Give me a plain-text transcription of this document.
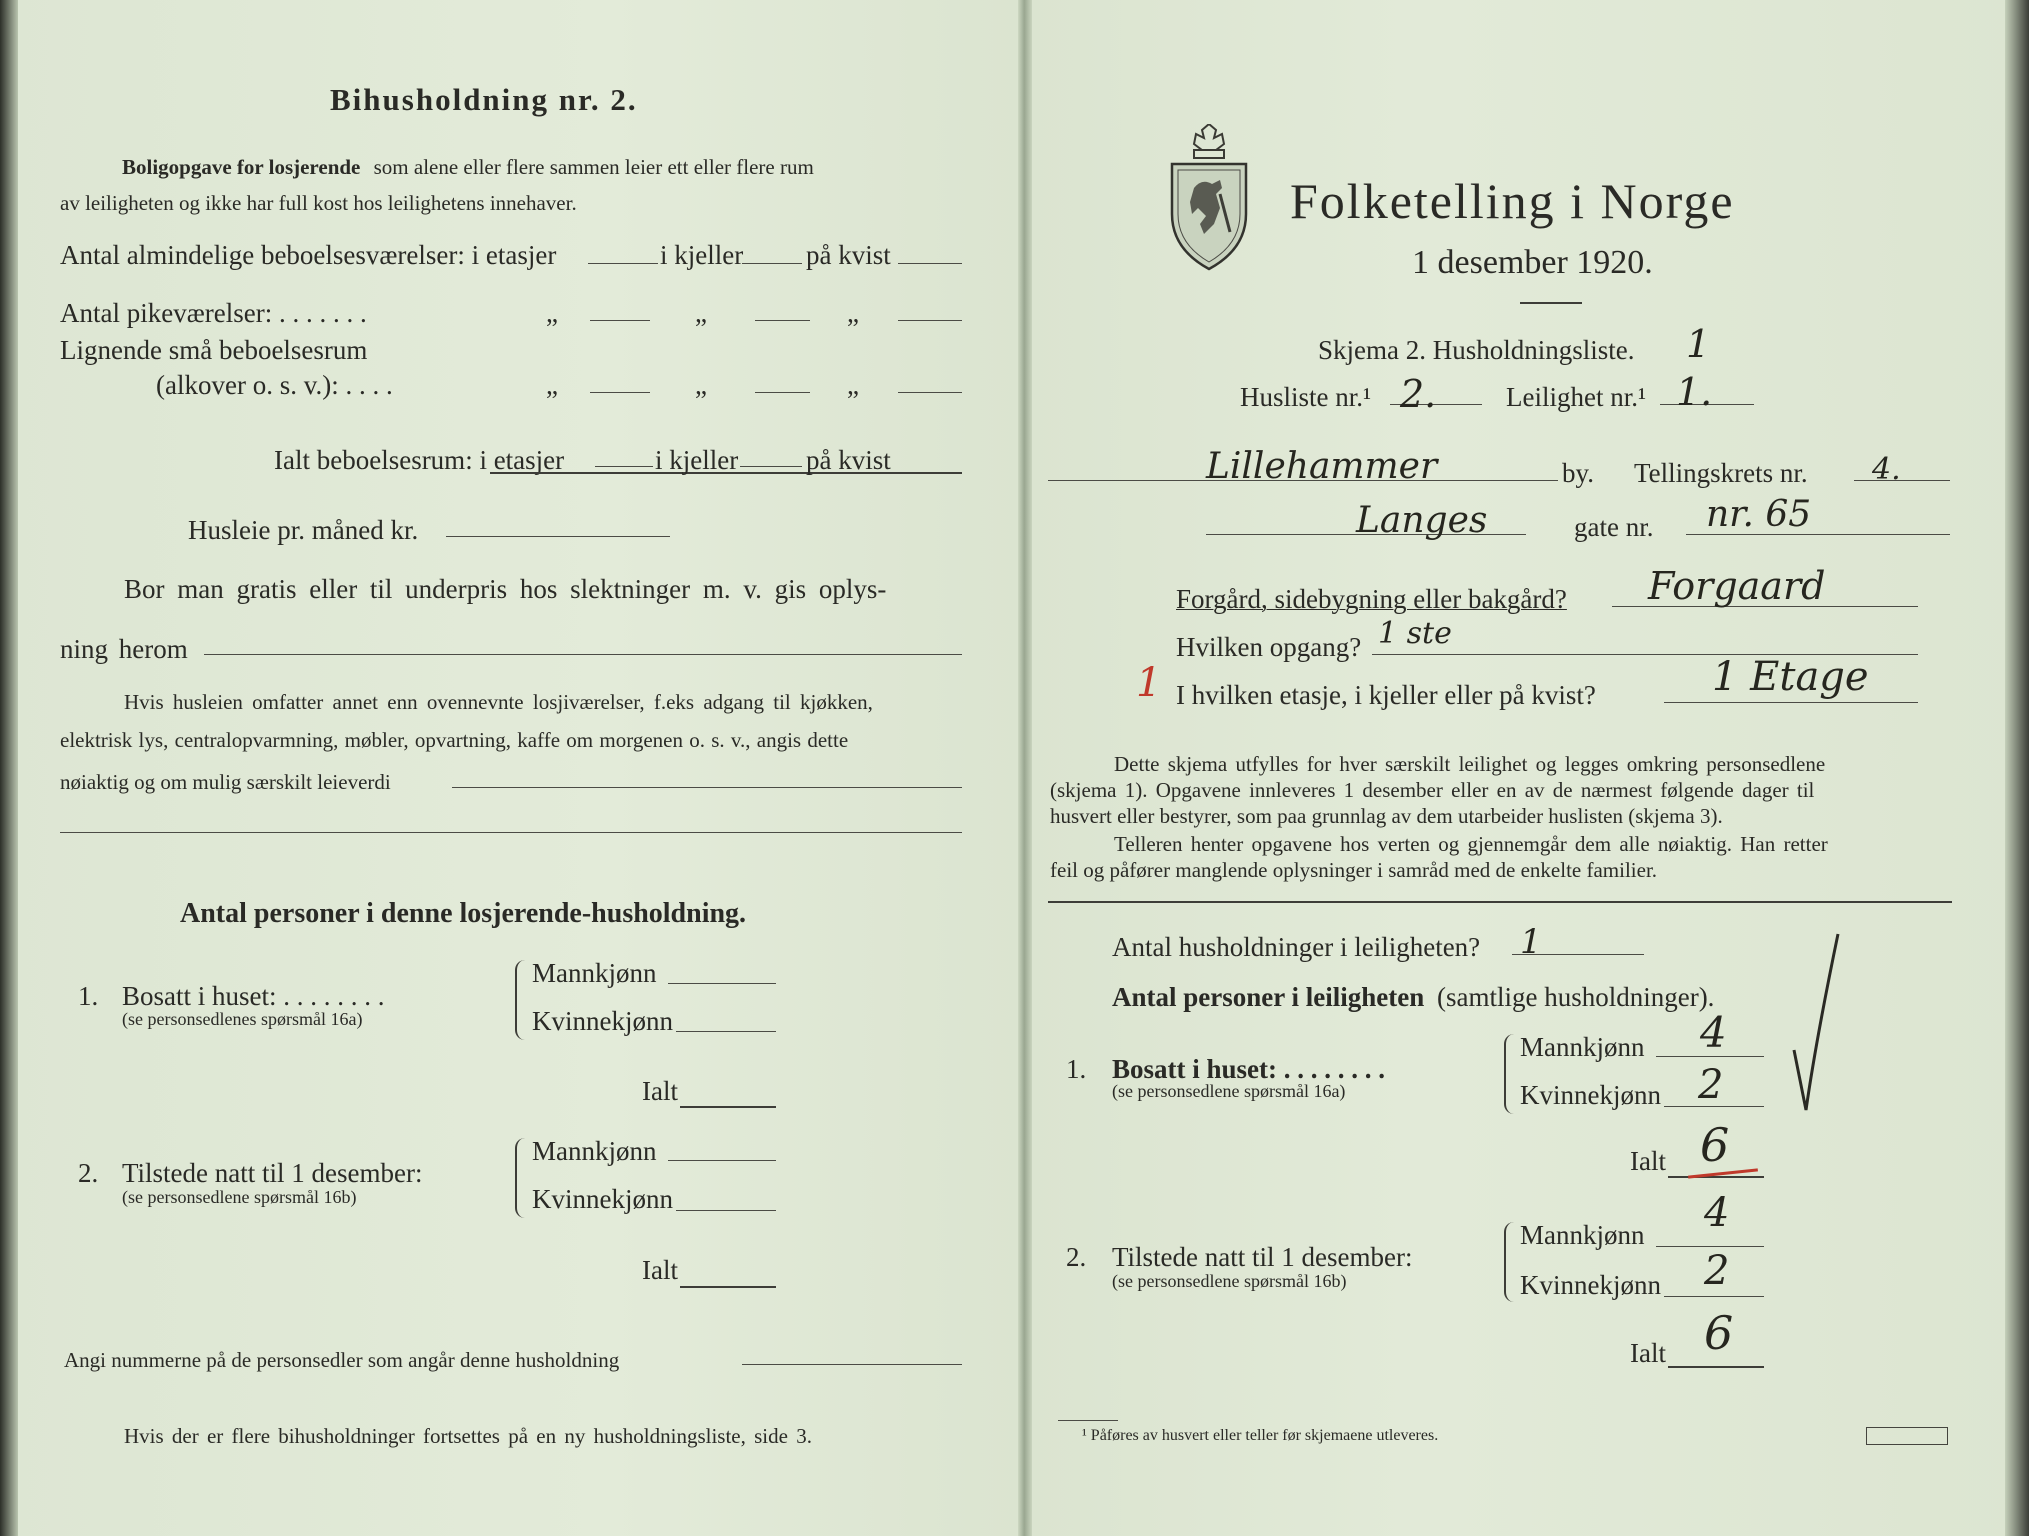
Bihusholdning nr. 2.
Boligopgave for losjerende som alene eller flere sammen leier ett eller flere rum
av leiligheten og ikke har full kost hos leilighetens innehaver.
Antal almindelige beboelsesværelser: i etasjer	i kjeller på kvist
Antal pikeværelser: . . . . . . .	„	„	„
Lignende små beboelsesrum
(alkover o. s. v.): . . . .	„	„	„
Ialt beboelsesrum: i etasjer	i kjeller	på kvist
Husleie pr. måned kr.
Bor man gratis eller til underpris hos slektninger m. v. gis oplys-
ning herom
Hvis husleien omfatter annet enn ovennevnte losjiværelser, f.eks adgang til kjøkken,
elektrisk lys, centralopvarmning, møbler, opvartning, kaffe om morgenen o. s. v., angis dette
nøiaktig og om mulig særskilt leieverdi
Antal personer i denne losjerende-husholdning.
1. Bosatt i huset: . . . . . . . .
(se personsedlenes spørsmål 16a)
Mannkjønn
Kvinnekjønn
Ialt
2. Tilstede natt til 1 desember:
(se personsedlene spørsmål 16b)
Mannkjønn
Kvinnekjønn
Ialt
Angi nummerne på de personsedler som angår denne husholdning
Hvis der er flere bihusholdninger fortsettes på en ny husholdningsliste, side 3.
Folketelling i Norge
1 desember 1920.
Skjema 2. Husholdningsliste. 1
Husliste nr.¹ 2.	Leilighet nr.¹ 1.
Lillehammer	by. Tellingskrets nr. 4.
Langes	gate nr. nr. 65
Forgård, sidebygning eller bakgård? Forgaard
Hvilken opgang? 1 ste
1 I hvilken etasje, i kjeller eller på kvist?	1 Etage
Dette skjema utfylles for hver særskilt leilighet og legges omkring personsedlene
(skjema 1). Opgavene innleveres 1 desember eller en av de nærmest følgende dager til
husvert eller bestyrer, som paa grunnlag av dem utarbeider huslisten (skjema 3).
Telleren henter opgavene hos verten og gjennemgår dem alle nøiaktig. Han retter
feil og påfører manglende oplysninger i samråd med de enkelte familier.
Antal husholdninger i leiligheten? 1
Antal personer i leiligheten (samtlige husholdninger).
1. Bosatt i huset: . . . . . . . .
(se personsedlene spørsmål 16a)
Mannkjønn 4
Kvinnekjønn 2
Ialt 6
2. Tilstede natt til 1 desember:
(se personsedlene spørsmål 16b)
Mannkjønn 4
Kvinnekjønn 2
Ialt 6
¹ Påføres av husvert eller teller før skjemaene utleveres.
